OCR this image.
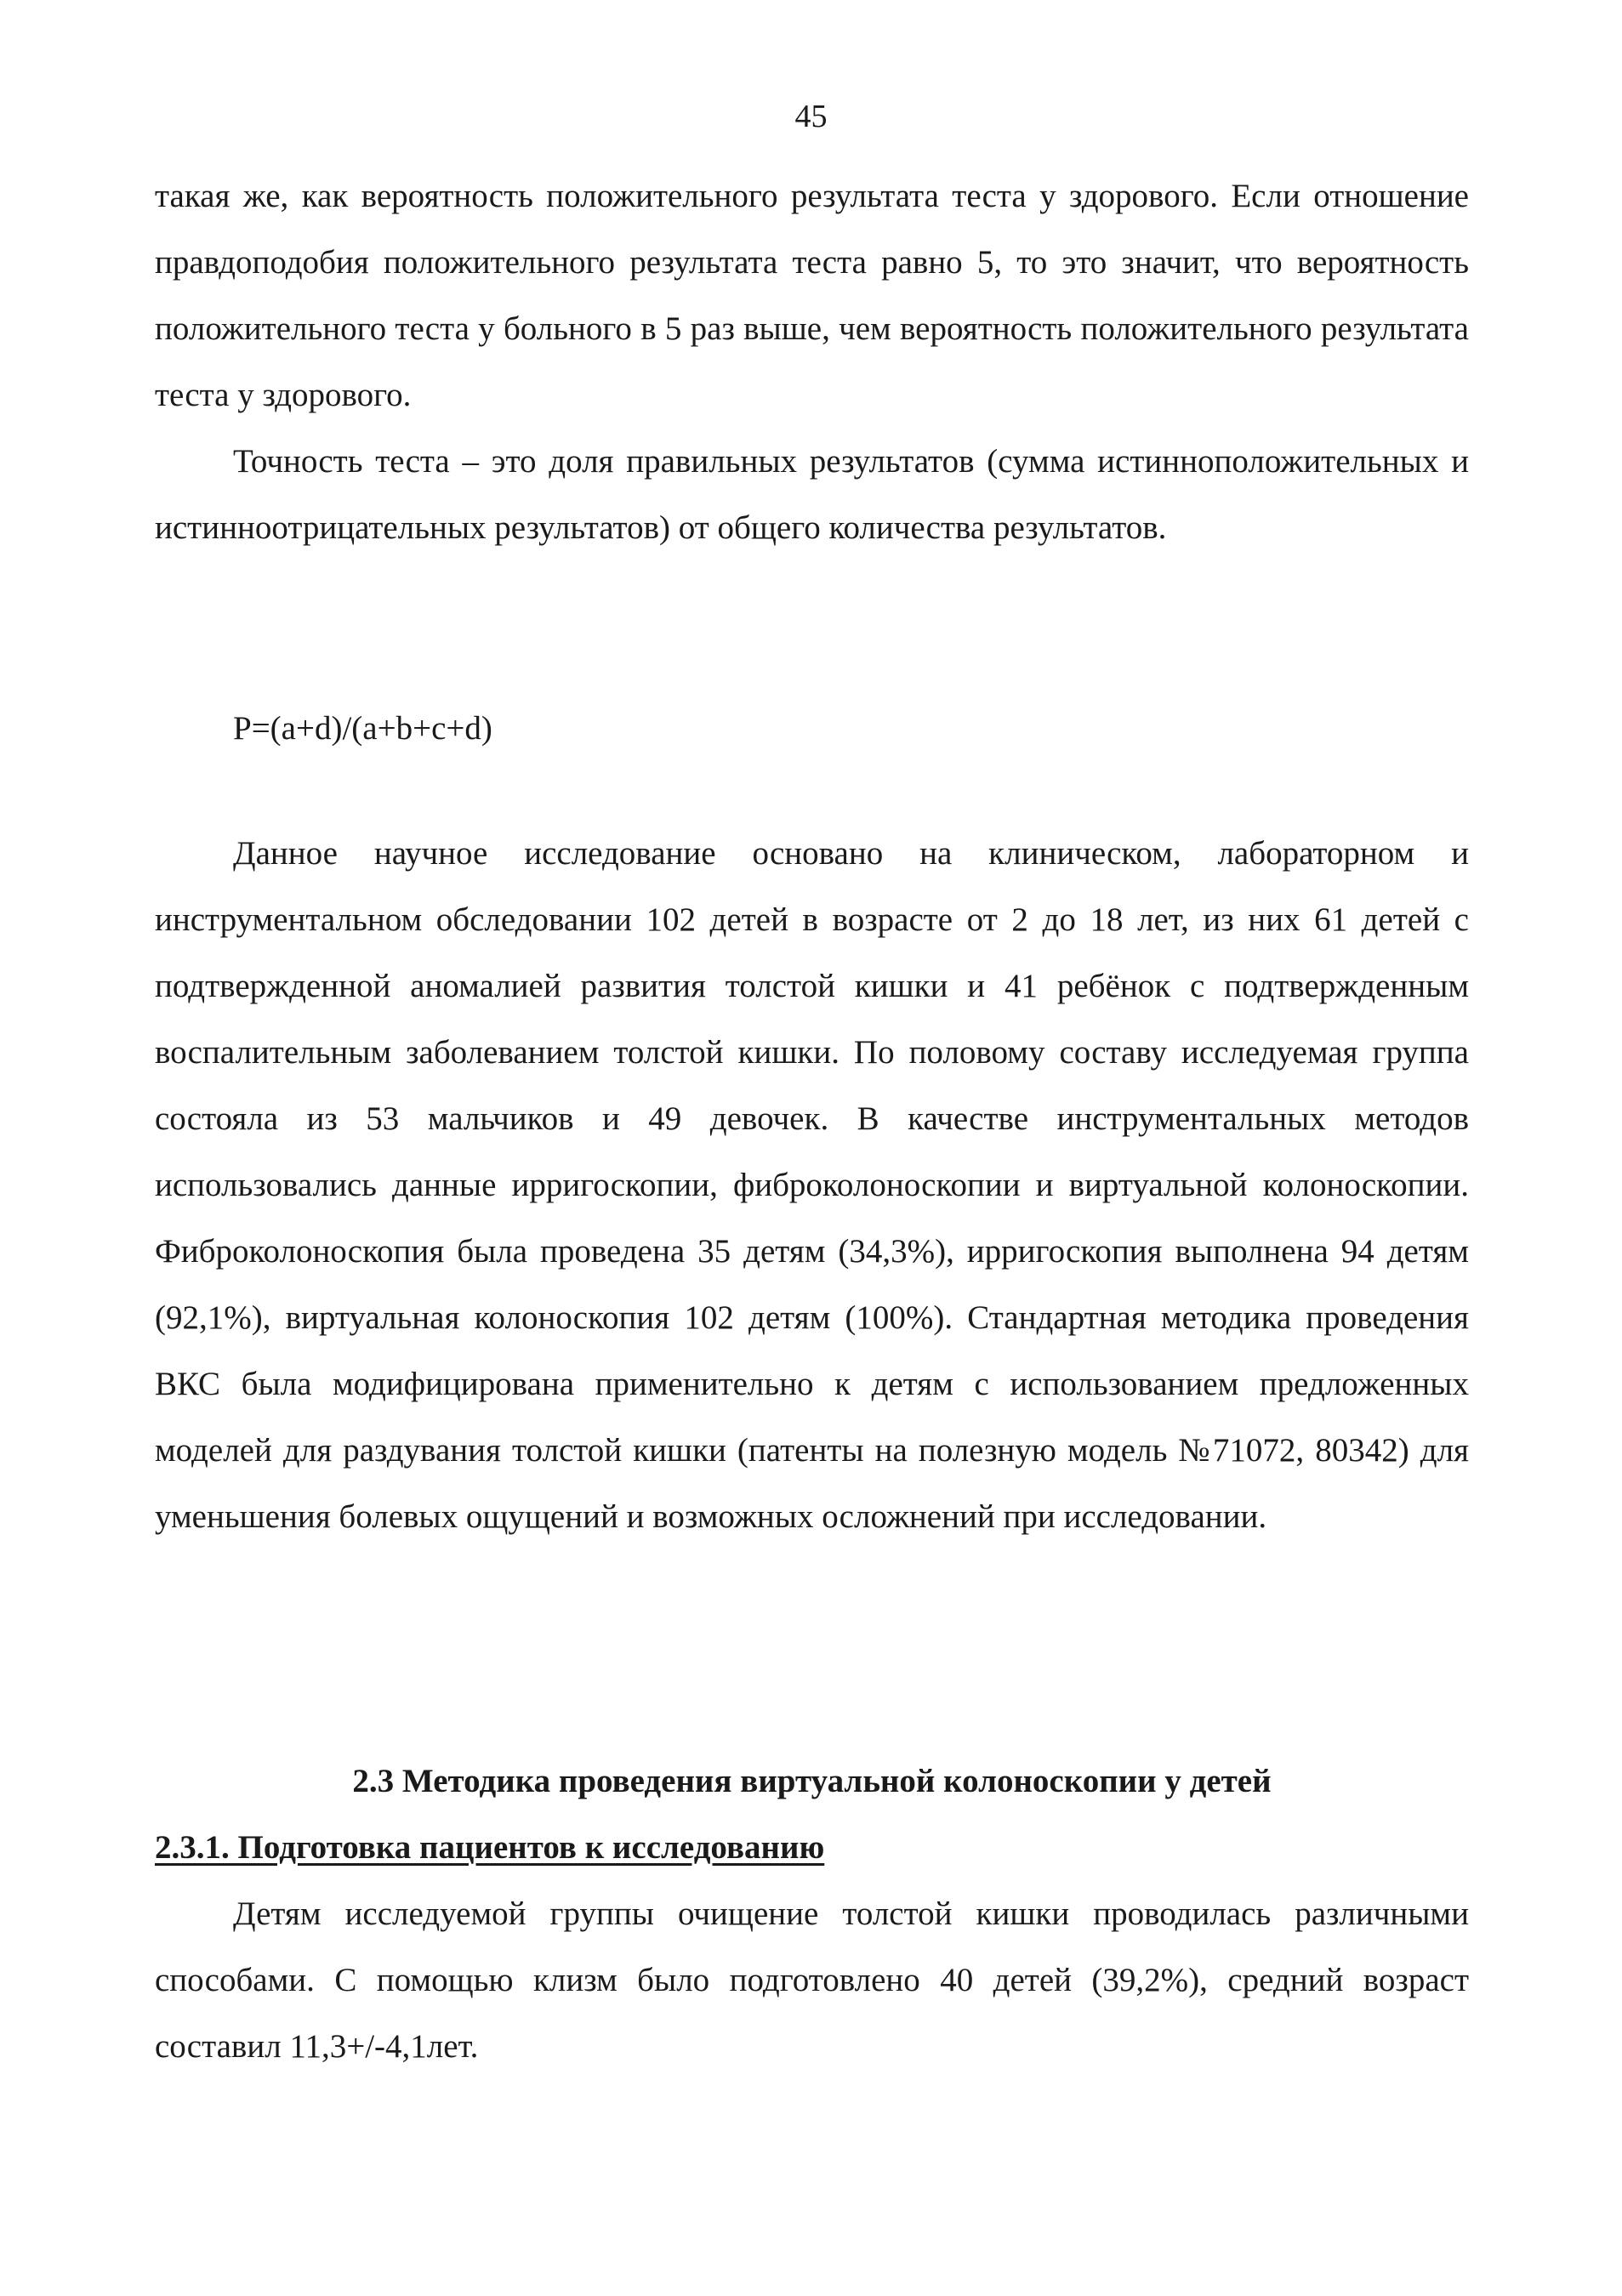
45

такая же, как вероятность положительного результата теста у здорового. Если отношение правдоподобия положительного результата теста равно 5, то это значит, что вероятность положительного теста у больного в 5 раз выше, чем вероятность положительного результата теста у здорового.

Точность теста – это доля правильных результатов (сумма истинноположительных и истинноотрицательных результатов) от общего количества результатов.

P=(a+d)/(a+b+c+d)

Данное научное исследование основано на клиническом, лабораторном и инструментальном обследовании 102 детей в возрасте от 2 до 18 лет, из них 61 детей с подтвержденной аномалией развития толстой кишки и 41 ребёнок с подтвержденным воспалительным заболеванием толстой кишки. По половому составу исследуемая группа состояла из 53 мальчиков и 49 девочек. В качестве инструментальных методов использовались данные ирригоскопии, фиброколоноскопии и виртуальной колоноскопии. Фиброколоноскопия была проведена 35 детям (34,3%), ирригоскопия выполнена 94 детям (92,1%), виртуальная колоноскопия 102 детям (100%). Стандартная методика проведения ВКС была модифицирована применительно к детям с использованием предложенных моделей для раздувания толстой кишки (патенты на полезную модель №71072, 80342) для уменьшения болевых ощущений и возможных осложнений при исследовании.

2.3 Методика проведения виртуальной колоноскопии у детей
2.3.1. Подготовка пациентов к исследованию

Детям исследуемой группы очищение толстой кишки проводилась различными способами. С помощью клизм было подготовлено 40 детей (39,2%), средний возраст составил 11,3+/-4,1лет.
